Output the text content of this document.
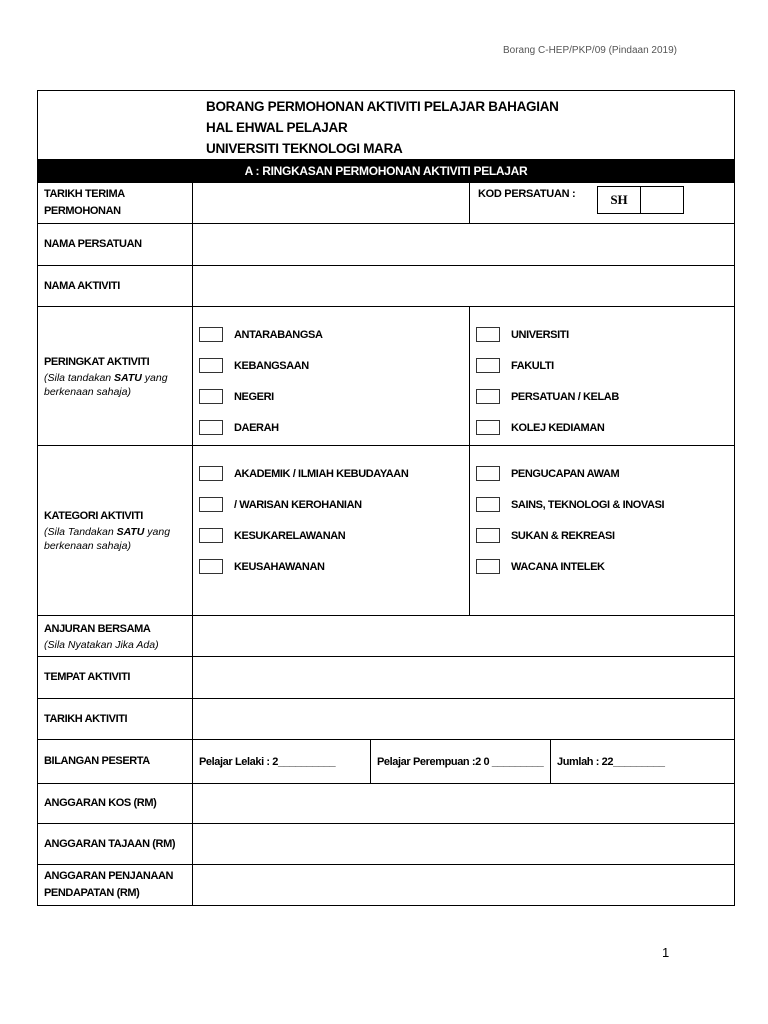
Borang C-HEP/PKP/09 (Pindaan 2019)
BORANG PERMOHONAN AKTIVITI PELAJAR BAHAGIAN
HAL EHWAL PELAJAR
UNIVERSITI TEKNOLOGI MARA
A : RINGKASAN PERMOHONAN AKTIVITI PELAJAR
TARIKH TERIMA
PERMOHONAN
KOD PERSATUAN :	SH
NAMA PERSATUAN
NAMA AKTIVITI
PERINGKAT AKTIVITI
(Sila tandakan SATU yang berkenaan sahaja)
ANTARABANGSA
KEBANGSAAN
NEGERI
DAERAH
UNIVERSITI
FAKULTI
PERSATUAN / KELAB
KOLEJ KEDIAMAN
KATEGORI AKTIVITI
(Sila Tandakan SATU yang berkenaan sahaja)
AKADEMIK / ILMIAH KEBUDAYAAN
/ WARISAN KEROHANIAN
KESUKARELAWANAN
KEUSAHAWANAN
PENGUCAPAN AWAM
SAINS, TEKNOLOGI & INOVASI
SUKAN & REKREASI
WACANA INTELEK
ANJURAN BERSAMA
(Sila Nyatakan Jika Ada)
TEMPAT AKTIVITI
TARIKH AKTIVITI
BILANGAN PESERTA	Pelajar Lelaki : 2__________	Pelajar Perempuan :2 0 _________	Jumlah : 22_________
ANGGARAN KOS (RM)
ANGGARAN TAJAAN (RM)
ANGGARAN PENJANAAN
PENDAPATAN (RM)
1
